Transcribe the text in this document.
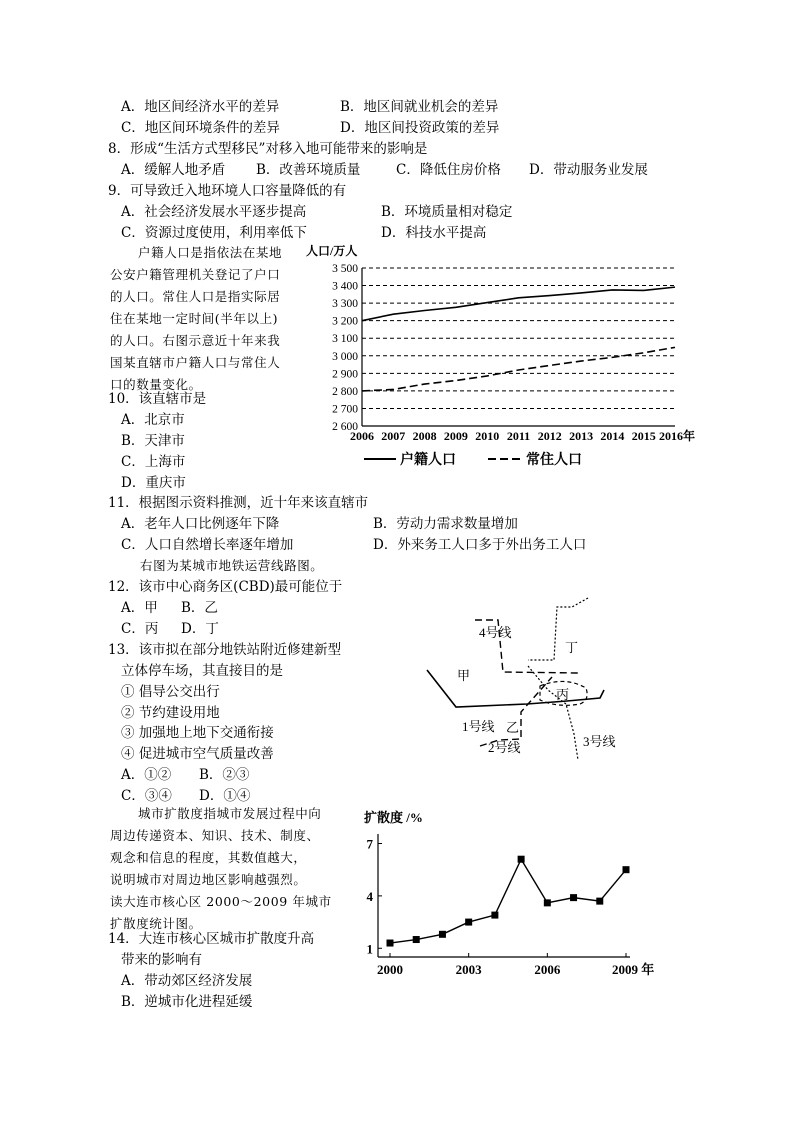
A．地区间经济水平的差异	B．地区间就业机会的差异
C．地区间环境条件的差异	D．地区间投资政策的差异
8．形成“生活方式型移民”对移入地可能带来的影响是
A．缓解人地矛盾 B．改善环境质量	C．降低住房价格 D．带动服务业发展
9．可导致迁入地环境人口容量降低的有
A．社会经济发展水平逐步提高	B．环境质量相对稳定
C．资源过度使用，利用率低下	D．科技水平提高
户籍人口是指依法在某地
公安户籍管理机关登记了户口
的人口。常住人口是指实际居
住在某地一定时间(半年以上)
的人口。右图示意近十年来我
国某直辖市户籍人口与常住人
口的数量变化。
人口/万人
2 600
2 700
2 800
2 900
3 000
3 100
3 200
3 300
3 400
3 500
2006 2007 2008 2009 2010 2011 2012 2013 2014 2015 2016年
户籍人口	常住人口
10．该直辖市是
A．北京市
B．天津市
C．上海市
D．重庆市
11．根据图示资料推测，近十年来该直辖市
A．老年人口比例逐年下降	B．劳动力需求数量增加
C．人口自然增长率逐年增加	D．外来务工人口多于外出务工人口
右图为某城市地铁运营线路图。
12．该市中心商务区(CBD)最可能位于
A．甲 B．乙
C．丙 D．丁
13．该市拟在部分地铁站附近修建新型
立体停车场，其直接目的是
① 倡导公交出行
② 节约建设用地
③ 加强地上地下交通衔接
④ 促进城市空气质量改善
A．①② B．②③
C．③④ D．①④
4号线
1号线
2号线	3号线
甲
乙
丙
丁
城市扩散度指城市发展过程中向
周边传递资本、知识、技术、制度、
观念和信息的程度，其数值越大，
说明城市对周边地区影响越强烈。
读大连市核心区 2000～2009 年城市
扩散度统计图。
扩散度 /%
1
4
7
2000	2003	2006	2009 年
14．大连市核心区城市扩散度升高
带来的影响有
A．带动郊区经济发展
B．逆城市化进程延缓
